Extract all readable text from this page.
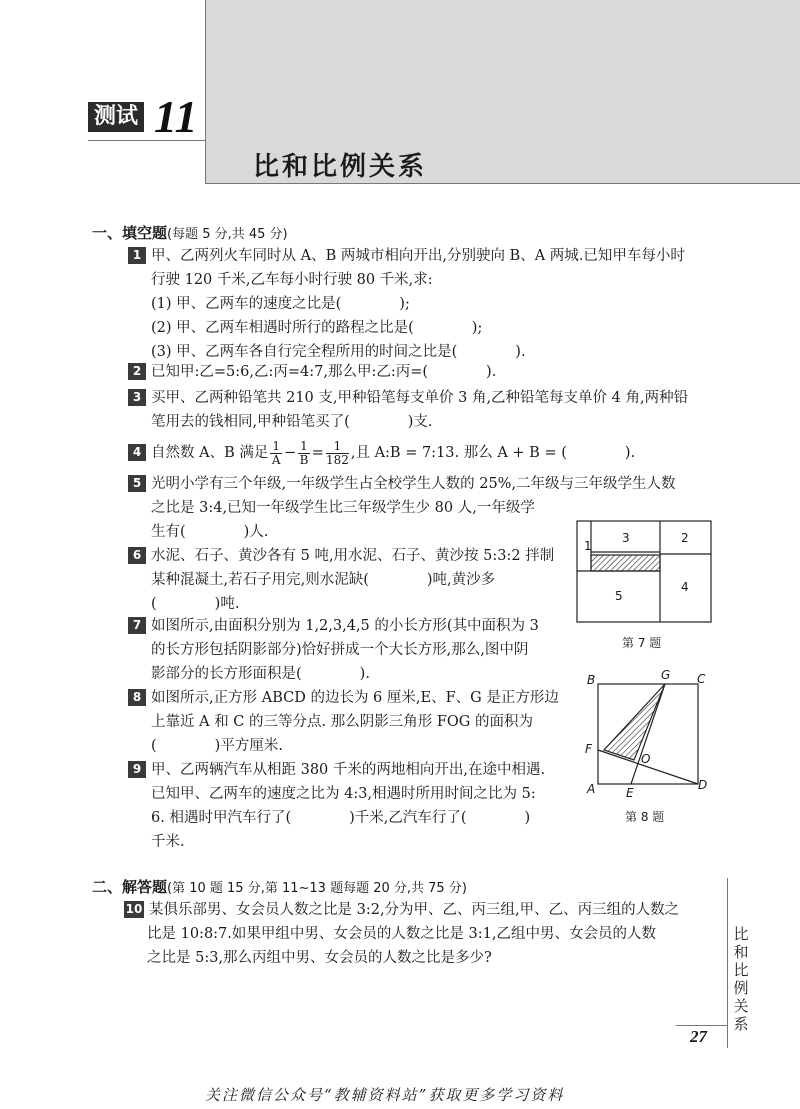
测试 11
比和比例关系
一、填空题(每题 5 分,共 45 分)
1 甲、乙两列火车同时从 A、B 两城市相向开出,分别驶向 B、A 两城.已知甲车每小时
行驶 120 千米,乙车每小时行驶 80 千米,求:
(1) 甲、乙两车的速度之比是(　　　　);
(2) 甲、乙两车相遇时所行的路程之比是(　　　　);
(3) 甲、乙两车各自行完全程所用的时间之比是(　　　　).
2 已知甲:乙=5:6,乙:丙=4:7,那么甲:乙:丙=(　　　　).
3 买甲、乙两种铅笔共 210 支,甲种铅笔每支单价 3 角,乙种铅笔每支单价 4 角,两种铅
笔用去的钱相同,甲种铅笔买了(　　　　)支.
4 自然数 A、B 满足 $\frac{1}{A} - \frac{1}{B} = \frac{1}{182}$ ,且 A:B = 7:13. 那么 A + B = (　　　　).
5 光明小学有三个年级,一年级学生占全校学生人数的 25%,二年级与三年级学生人数
之比是 3:4,已知一年级学生比三年级学生少 80 人,一年级学
生有(　　　　)人.
6 水泥、石子、黄沙各有 5 吨,用水泥、石子、黄沙按 5:3:2 拌制
某种混凝土,若石子用完,则水泥缺(　　　　)吨,黄沙多
(　　　　)吨.
7 如图所示,由面积分别为 1,2,3,4,5 的小长方形(其中面积为 3
的长方形包括阴影部分)恰好拼成一个大长方形,那么,图中阴
影部分的长方形面积是(　　　　).
8 如图所示,正方形 ABCD 的边长为 6 厘米,E、F、G 是正方形边
上靠近 A 和 C 的三等分点. 那么阴影三角形 FOG 的面积为
(　　　　)平方厘米.
9 甲、乙两辆汽车从相距 380 千米的两地相向开出,在途中相遇.
已知甲、乙两车的速度之比为 4:3,相遇时所用时间之比为 5:
6. 相遇时甲汽车行了(　　　　)千米,乙汽车行了(　　　　)
千米.
1
3	2
5
4
第 7 题
B	G C
F
O
A	E
D
第 8 题
二、解答题(第 10 题 15 分,第 11~13 题每题 20 分,共 75 分)
10 某俱乐部男、女会员人数之比是 3:2,分为甲、乙、丙三组,甲、乙、丙三组的人数之
比是 10:8:7.如果甲组中男、女会员的人数之比是 3:1,乙组中男、女会员的人数
之比是 5:3,那么丙组中男、女会员的人数之比是多少?
比和比例关系
27
关注微信公众号“教辅资料站”获取更多学习资料
